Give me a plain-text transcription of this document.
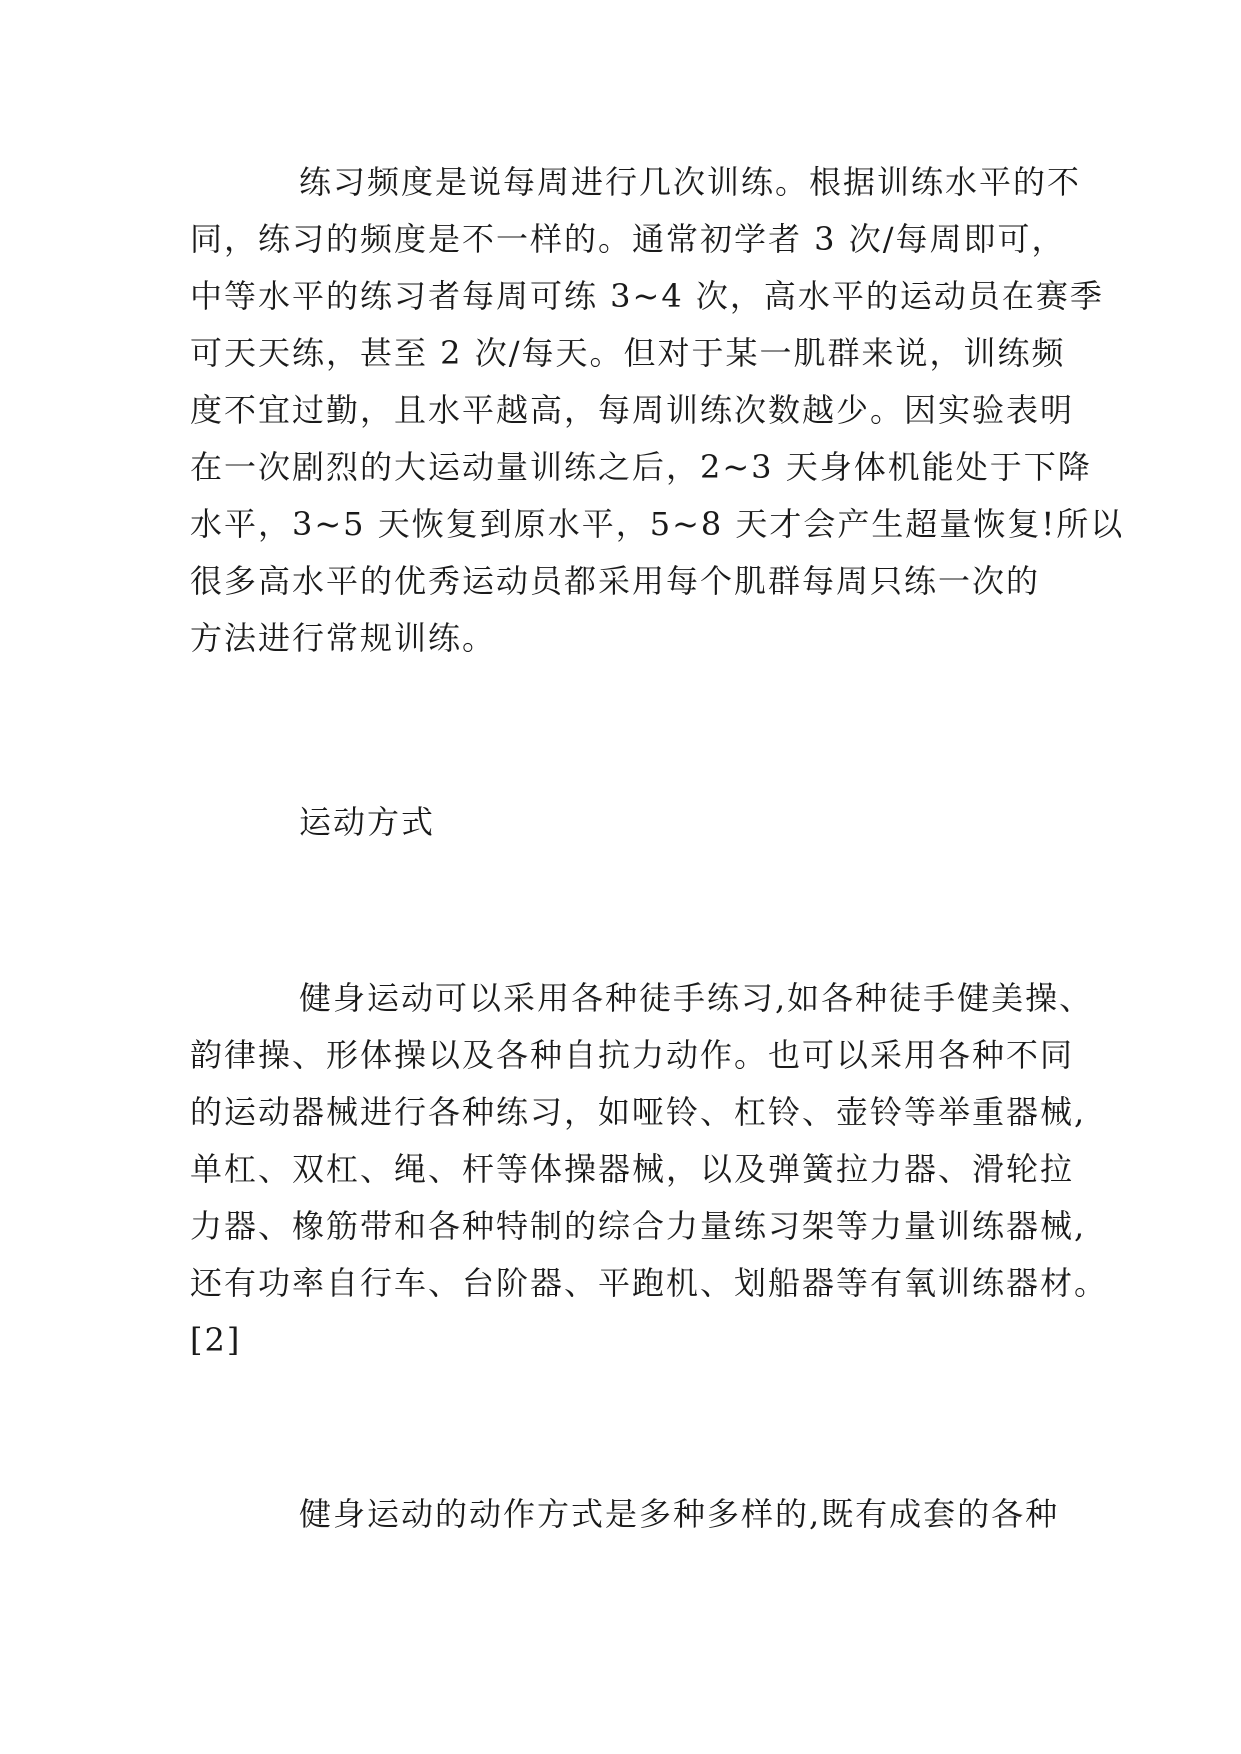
练习频度是说每周进行几次训练。根据训练水平的不
同，练习的频度是不一样的。通常初学者 3 次/每周即可，
中等水平的练习者每周可练 3~4 次，高水平的运动员在赛季
可天天练，甚至 2 次/每天。但对于某一肌群来说，训练频
度不宜过勤，且水平越高，每周训练次数越少。因实验表明
在一次剧烈的大运动量训练之后，2~3 天身体机能处于下降
水平，3~5 天恢复到原水平，5~8 天才会产生超量恢复!所以
很多高水平的优秀运动员都采用每个肌群每周只练一次的
方法进行常规训练。
运动方式
健身运动可以采用各种徒手练习,如各种徒手健美操、
韵律操、形体操以及各种自抗力动作。也可以采用各种不同
的运动器械进行各种练习，如哑铃、杠铃、壶铃等举重器械,
单杠、双杠、绳、杆等体操器械，以及弹簧拉力器、滑轮拉
力器、橡筋带和各种特制的综合力量练习架等力量训练器械,
还有功率自行车、台阶器、平跑机、划船器等有氧训练器材。
[2]
健身运动的动作方式是多种多样的,既有成套的各种
